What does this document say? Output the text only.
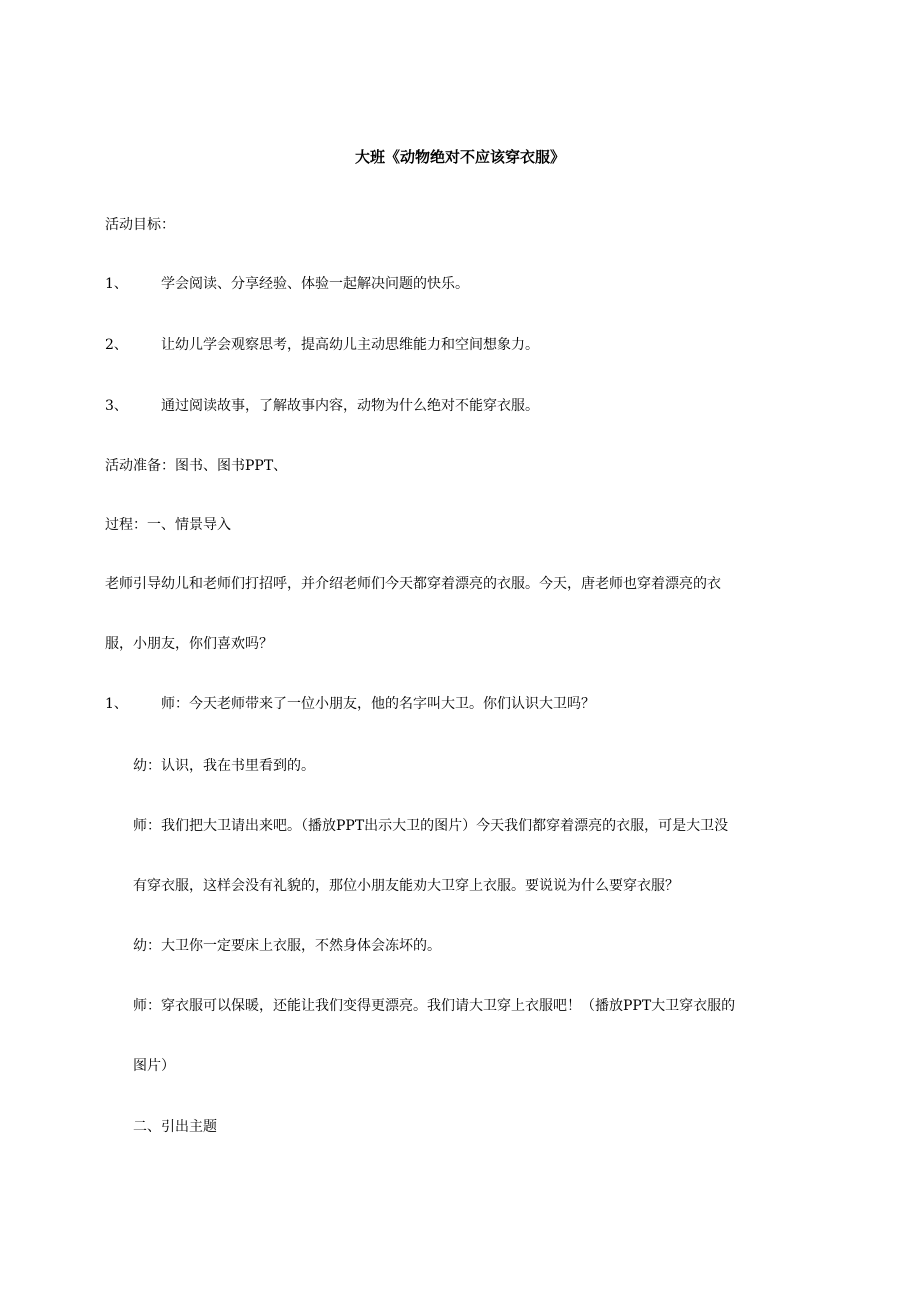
大班《动物绝对不应该穿衣服》
活动目标：
1、 学会阅读、分享经验、体验一起解决问题的快乐。
2、 让幼儿学会观察思考，提高幼儿主动思维能力和空间想象力。
3、 通过阅读故事，了解故事内容，动物为什么绝对不能穿衣服。
活动准备：图书、图书PPT、
过程：一、情景导入
老师引导幼儿和老师们打招呼，并介绍老师们今天都穿着漂亮的衣服。今天，唐老师也穿着漂亮的衣
服，小朋友，你们喜欢吗？
1、 师：今天老师带来了一位小朋友，他的名字叫大卫。你们认识大卫吗？
幼：认识，我在书里看到的。
师：我们把大卫请出来吧。（播放PPT出示大卫的图片）今天我们都穿着漂亮的衣服，可是大卫没
有穿衣服，这样会没有礼貌的，那位小朋友能劝大卫穿上衣服。要说说为什么要穿衣服？
幼：大卫你一定要床上衣服，不然身体会冻坏的。
师：穿衣服可以保暖，还能让我们变得更漂亮。我们请大卫穿上衣服吧！（播放PPT大卫穿衣服的
图片）
二、引出主题
